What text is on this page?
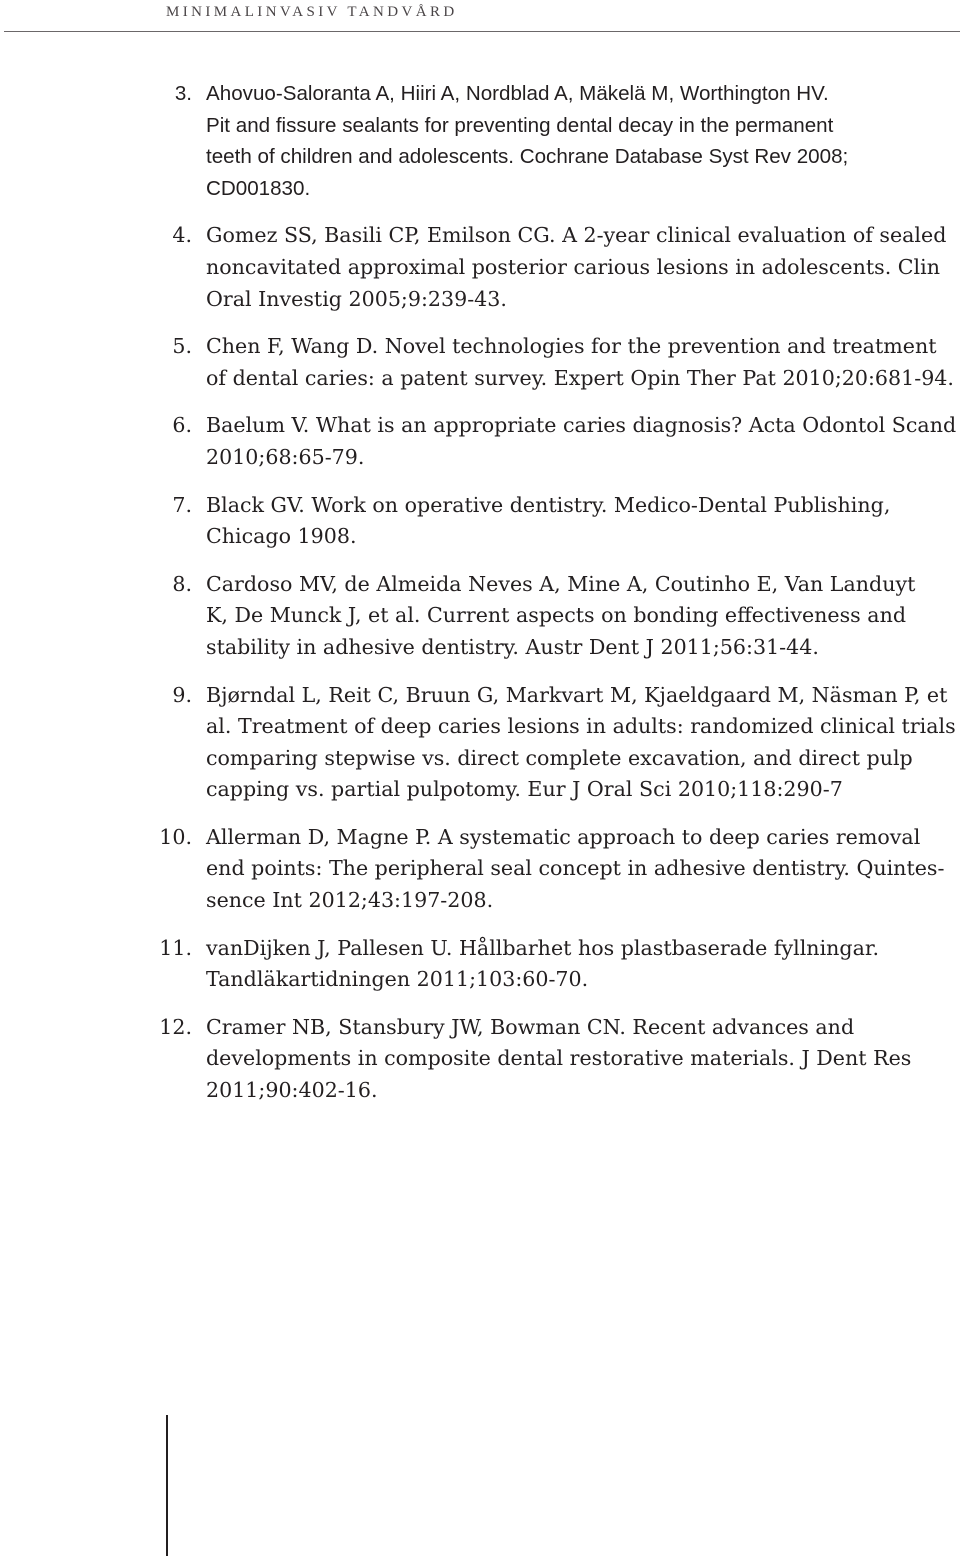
MINIMALINVASIV TANDVÅRD
3. Ahovuo-Saloranta A, Hiiri A, Nordblad A, Mäkelä M, Worthington HV.
Pit and fissure sealants for preventing dental decay in the permanent
teeth of children and adolescents. Cochrane Database Syst Rev 2008;
CD001830.
4. Gomez SS, Basili CP, Emilson CG. A 2-year clinical evaluation of sealed
noncavitated approximal posterior carious lesions in adolescents. Clin
Oral Investig 2005;9:239-43.
5. Chen F, Wang D. Novel technologies for the prevention and treatment
of dental caries: a patent survey. Expert Opin Ther Pat 2010;20:681-94.
6. Baelum V. What is an appropriate caries diagnosis? Acta Odontol Scand
2010;68:65-79.
7. Black GV. Work on operative dentistry. Medico-Dental Publishing,
Chicago 1908.
8. Cardoso MV, de Almeida Neves A, Mine A, Coutinho E, Van Landuyt
K, De Munck J, et al. Current aspects on bonding effectiveness and
stability in adhesive dentistry. Austr Dent J 2011;56:31-44.
9. Bjørndal L, Reit C, Bruun G, Markvart M, Kjaeldgaard M, Näsman P, et
al. Treatment of deep caries lesions in adults: randomized clinical trials
comparing stepwise vs. direct complete excavation, and direct pulp
capping vs. partial pulpotomy. Eur J Oral Sci 2010;118:290-7
10. Allerman D, Magne P. A systematic approach to deep caries removal
end points: The peripheral seal concept in adhesive dentistry. Quintes-
sence Int 2012;43:197-208.
11. vanDijken J, Pallesen U. Hållbarhet hos plastbaserade fyllningar.
Tandläkartidningen 2011;103:60-70.
12. Cramer NB, Stansbury JW, Bowman CN. Recent advances and
developments in composite dental restorative materials. J Dent Res
2011;90:402-16.
